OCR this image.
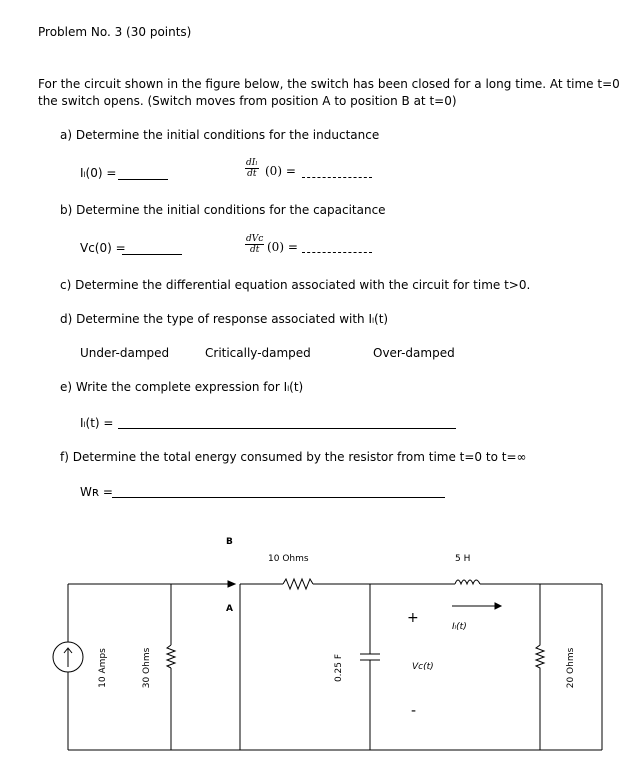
Problem No. 3 (30 points)
For the circuit shown in the figure below, the switch has been closed for a long time. At time t=0
the switch opens. (Switch moves from position A to position B at t=0)
a) Determine the initial conditions for the inductance
Iₗ(0) =
dIₗ
dt (0) =
b) Determine the initial conditions for the capacitance
Vᴄ(0) =
dVᴄ
dt (0) =
c) Determine the differential equation associated with the circuit for time t>0.
d) Determine the type of response associated with Iₗ(t)
Under-damped	Critically-damped	Over-damped
e) Write the complete expression for Iₗ(t)
Iₗ(t) =
f) Determine the total energy consumed by the resistor from time t=0 to t=∞
Wʀ =
B
A
10 Ohms	5 H
Iₗ(t)
+
Vᴄ(t)
-
10 Amps	30 Ohms	0.25 F	20 Ohms
